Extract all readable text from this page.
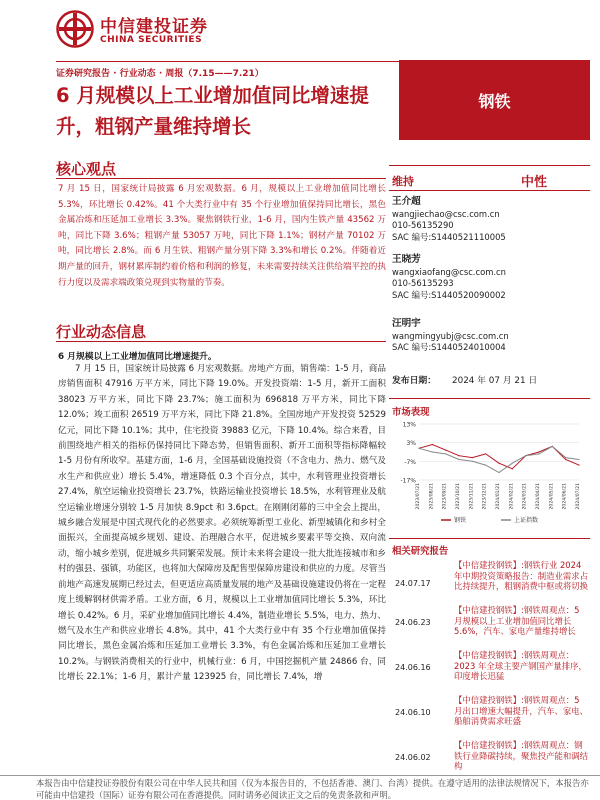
中信建投证券
CHINA SECURITIES
证券研究报告 · 行业动态 · 周报（7.15——7.21）
6 月规模以上工业增加值同比增速提升，粗钢产量维持增长
钢铁
核心观点
7 月 15 日，国家统计局披露 6 月宏观数据。6 月，规模以上工业增加值同比增长 5.3%，环比增长 0.42%。41 个大类行业中有 35 个行业增加值保持同比增长，黑色金属冶炼和压延加工业增长 3.3%。聚焦钢铁行业，1-6 月，国内生铁产量 43562 万吨，同比下降 3.6%；粗钢产量 53057 万吨，同比下降 1.1%；钢材产量 70102 万吨，同比增长 2.8%。而 6 月生铁、粗钢产量分别下降 3.3%和增长 0.2%。伴随着近期产量的回升，钢材累库制约着价格和利润的修复，未来需要持续关注供给端平控的执行力度以及需求端政策兑现到实物量的节奏。
行业动态信息
6 月规模以上工业增加值同比增速提升。
7 月 15 日，国家统计局披露 6 月宏观数据。房地产方面，销售端：1-5 月，商品房销售面积 47916 万平方米，同比下降 19.0%。开发投资端：1-5 月，新开工面积 38023 万平方米，同比下降 23.7%；施工面积为 696818 万平方米，同比下降 12.0%；竣工面积 26519 万平方米，同比下降 21.8%。全国房地产开发投资 52529 亿元，同比下降 10.1%；其中，住宅投资 39883 亿元，下降 10.4%。综合来看，目前围绕地产相关的指标仍保持同比下降态势，但销售面积、新开工面积等指标降幅较 1-5 月份有所收窄。基建方面，1-6 月，全国基础设施投资（不含电力、热力、燃气及水生产和供应业）增长 5.4%，增速降低 0.3 个百分点，其中，水利管理业投资增长 27.4%，航空运输业投资增长 23.7%，铁路运输业投资增长 18.5%，水利管理业及航空运输业增速分别较 1-5 月加快 8.9pct 和 3.6pct。在刚刚闭幕的三中全会上提出，城乡融合发展是中国式现代化的必然要求。必须统筹新型工业化、新型城镇化和乡村全面振兴，全面提高城乡规划、建设、治理融合水平，促进城乡要素平等交换、双向流动，缩小城乡差别，促进城乡共同繁荣发展。预计未来将会建设一批大批连接城市和乡村的强县、强镇，功能区，也将加大保障房及配售型保障房建设和供应的力度。尽管当前地产高速发展期已经过去，但更适应高质量发展的地产及基础设施建设仍将在一定程度上缓解钢材供需矛盾。工业方面，6 月，规模以上工业增加值同比增长 5.3%，环比增长 0.42%。6 月，采矿业增加值同比增长 4.4%，制造业增长 5.5%，电力、热力、燃气及水生产和供应业增长 4.8%。其中，41 个大类行业中有 35 个行业增加值保持同比增长，黑色金属冶炼和压延加工业增长 3.3%，有色金属冶炼和压延加工业增长 10.2%。与钢铁消费相关的行业中，机械行业：6 月，中国挖掘机产量 24866 台，同比增长 22.1%；1-6 月，累计产量 123925 台，同比增长 7.4%，增
维持	中性
王介超
wangjiechao@csc.com.cn
010-56135290
SAC 编号:S1440521110005
王晓芳
wangxiaofang@csc.com.cn
010-56135293
SAC 编号:S1440520090002
汪明宇
wangmingyubj@csc.com.cn
SAC 编号:S1440524010004
发布日期： 2024 年 07 月 21 日
市场表现
13%
3%
-7%
-17%
2023/07/21 2023/08/21 2023/09/21 2023/10/21 2023/11/21 2023/12/21 2024/01/21 2024/02/21 2024/03/21 2024/04/21 2024/05/21 2024/06/21 2024/07/21
钢铁	上证指数
相关研究报告
24.07.17
【中信建投钢铁】:钢铁行业 2024 年中期投资策略报告：制造业需求占比持续提升，粗钢消费中枢或将切换
24.06.23
【中信建投钢铁】:钢铁周观点：5 月规模以上工业增加值同比增长 5.6%，汽车、家电产量维持增长
24.06.16
【中信建投钢铁】:钢铁周观点：2023 年全球主要产钢国产量排序，印度增长迅猛
24.06.10
【中信建投钢铁】:钢铁周观点：5 月出口增速大幅提升，汽车、家电、船舶消费需求旺盛
24.06.02
【中信建投钢铁】:钢铁周观点：钢铁行业降碳持续，聚焦投产能和调结构
本报告由中信建投证券股份有限公司在中华人民共和国（仅为本报告目的，不包括香港、澳门、台湾）提供。在遵守适用的法律法规情况下，本报告亦可能由中信建投（国际）证券有限公司在香港提供。同时请务必阅读正文之后的免责条款和声明。
